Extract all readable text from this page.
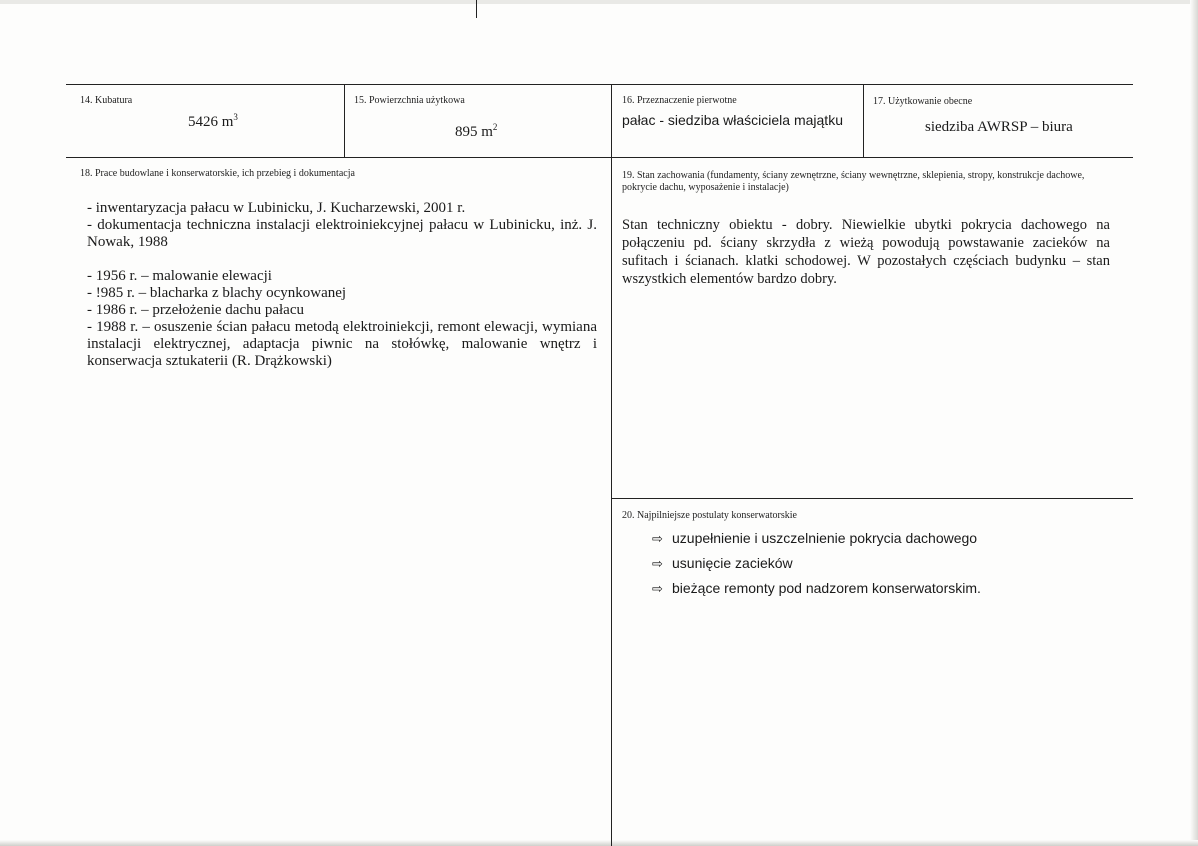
14. Kubatura
5426 $m^3$
15. Powierzchnia użytkowa
895 $m^2$
16. Przeznaczenie pierwotne
pałac - siedziba właściciela majątku
17. Użytkowanie obecne
siedziba AWRSP – biura
18. Prace budowlane i konserwatorskie, ich przebieg i dokumentacja

- inwentaryzacja pałacu w Lubinicku, J. Kucharzewski, 2001 r.

- dokumentacja techniczna instalacji elektroiniekcyjnej pałacu w Lubinicku, inż. J. Nowak, 1988

- 1956 r. – malowanie elewacji

- !985 r. – blacharka z blachy ocynkowanej

- 1986 r. – przełożenie dachu pałacu

- 1988 r. – osuszenie ścian pałacu metodą elektroiniekcji, remont elewacji, wymiana instalacji elektrycznej, adaptacja piwnic na stołówkę, malowanie wnętrz i konserwacja sztukaterii (R. Drążkowski)

19. Stan zachowania (fundamenty, ściany zewnętrzne, ściany wewnętrzne, sklepienia, stropy, konstrukcje dachowe, pokrycie dachu, wyposażenie i instalacje)
Stan techniczny obiektu - dobry. Niewielkie ubytki pokrycia dachowego na połączeniu pd. ściany skrzydła z wieżą powodują powstawanie zacieków na sufitach i ścianach. klatki schodowej. W pozostałych częściach budynku – stan wszystkich elementów bardzo dobry.
20. Najpilniejsze postulaty konserwatorskie
⇨ uzupełnienie i uszczelnienie pokrycia dachowego
⇨ usunięcie zacieków
⇨ bieżące remonty pod nadzorem konserwatorskim.
